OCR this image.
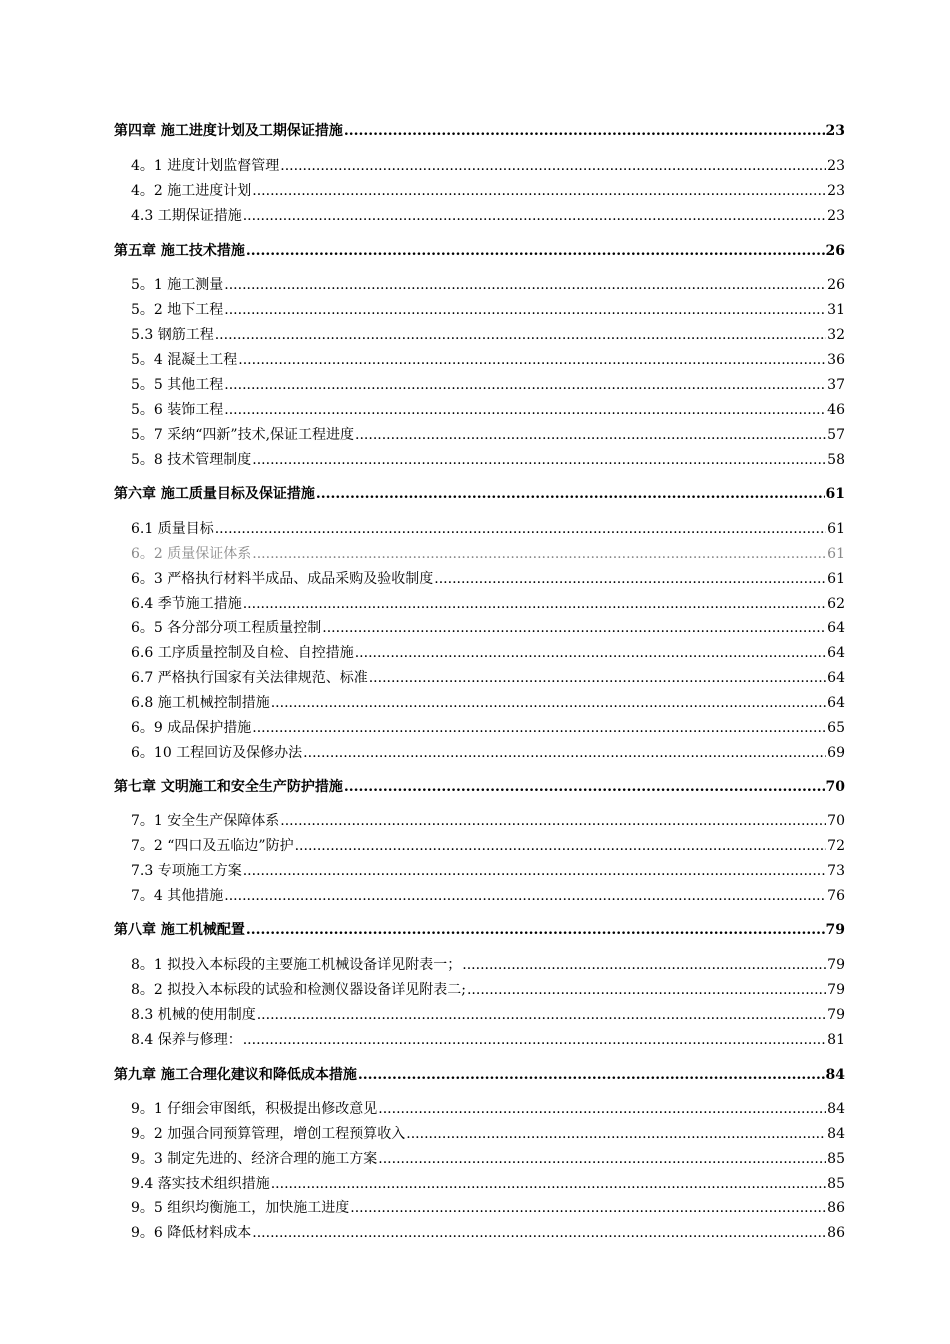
第四章 施工进度计划及工期保证措施 .....	23
4。1 进度计划监督管理 .....	23
4。2 施工进度计划 .....	23
4.3 工期保证措施 .....	23
第五章 施工技术措施 .....	26
5。1 施工测量 .....	26
5。2 地下工程 .....	31
5.3 钢筋工程 .....	32
5。4 混凝土工程 .....	36
5。5 其他工程 .....	37
5。6 装饰工程 .....	46
5。7 采纳“四新”技术,保证工程进度 .....	57
5。8 技术管理制度 .....	58
第六章 施工质量目标及保证措施 .....	61
6.1 质量目标 .....	61
6。2 质量保证体系 .....	61
6。3 严格执行材料半成品、成品采购及验收制度 .....	61
6.4 季节施工措施 .....	62
6。5 各分部分项工程质量控制 .....	64
6.6 工序质量控制及自检、自控措施 .....	64
6.7 严格执行国家有关法律规范、标准 .....	64
6.8 施工机械控制措施 .....	64
6。9 成品保护措施 .....	65
6。10 工程回访及保修办法 .....	69
第七章 文明施工和安全生产防护措施 .....	70
7。1 安全生产保障体系 .....	70
7。2 “四口及五临边”防护 .....	72
7.3 专项施工方案 .....	73
7。4 其他措施 .....	76
第八章 施工机械配置 .....	79
8。1 拟投入本标段的主要施工机械设备详见附表一； .....	79
8。2 拟投入本标段的试验和检测仪器设备详见附表二; .....	79
8.3 机械的使用制度 .....	79
8.4 保养与修理： .....	81
第九章 施工合理化建议和降低成本措施 .....	84
9。1 仔细会审图纸，积极提出修改意见 .....	84
9。2 加强合同预算管理，增创工程预算收入 .....	84
9。3 制定先进的、经济合理的施工方案 .....	85
9.4 落实技术组织措施 .....	85
9。5 组织均衡施工，加快施工进度 .....	86
9。6 降低材料成本 .....	86
